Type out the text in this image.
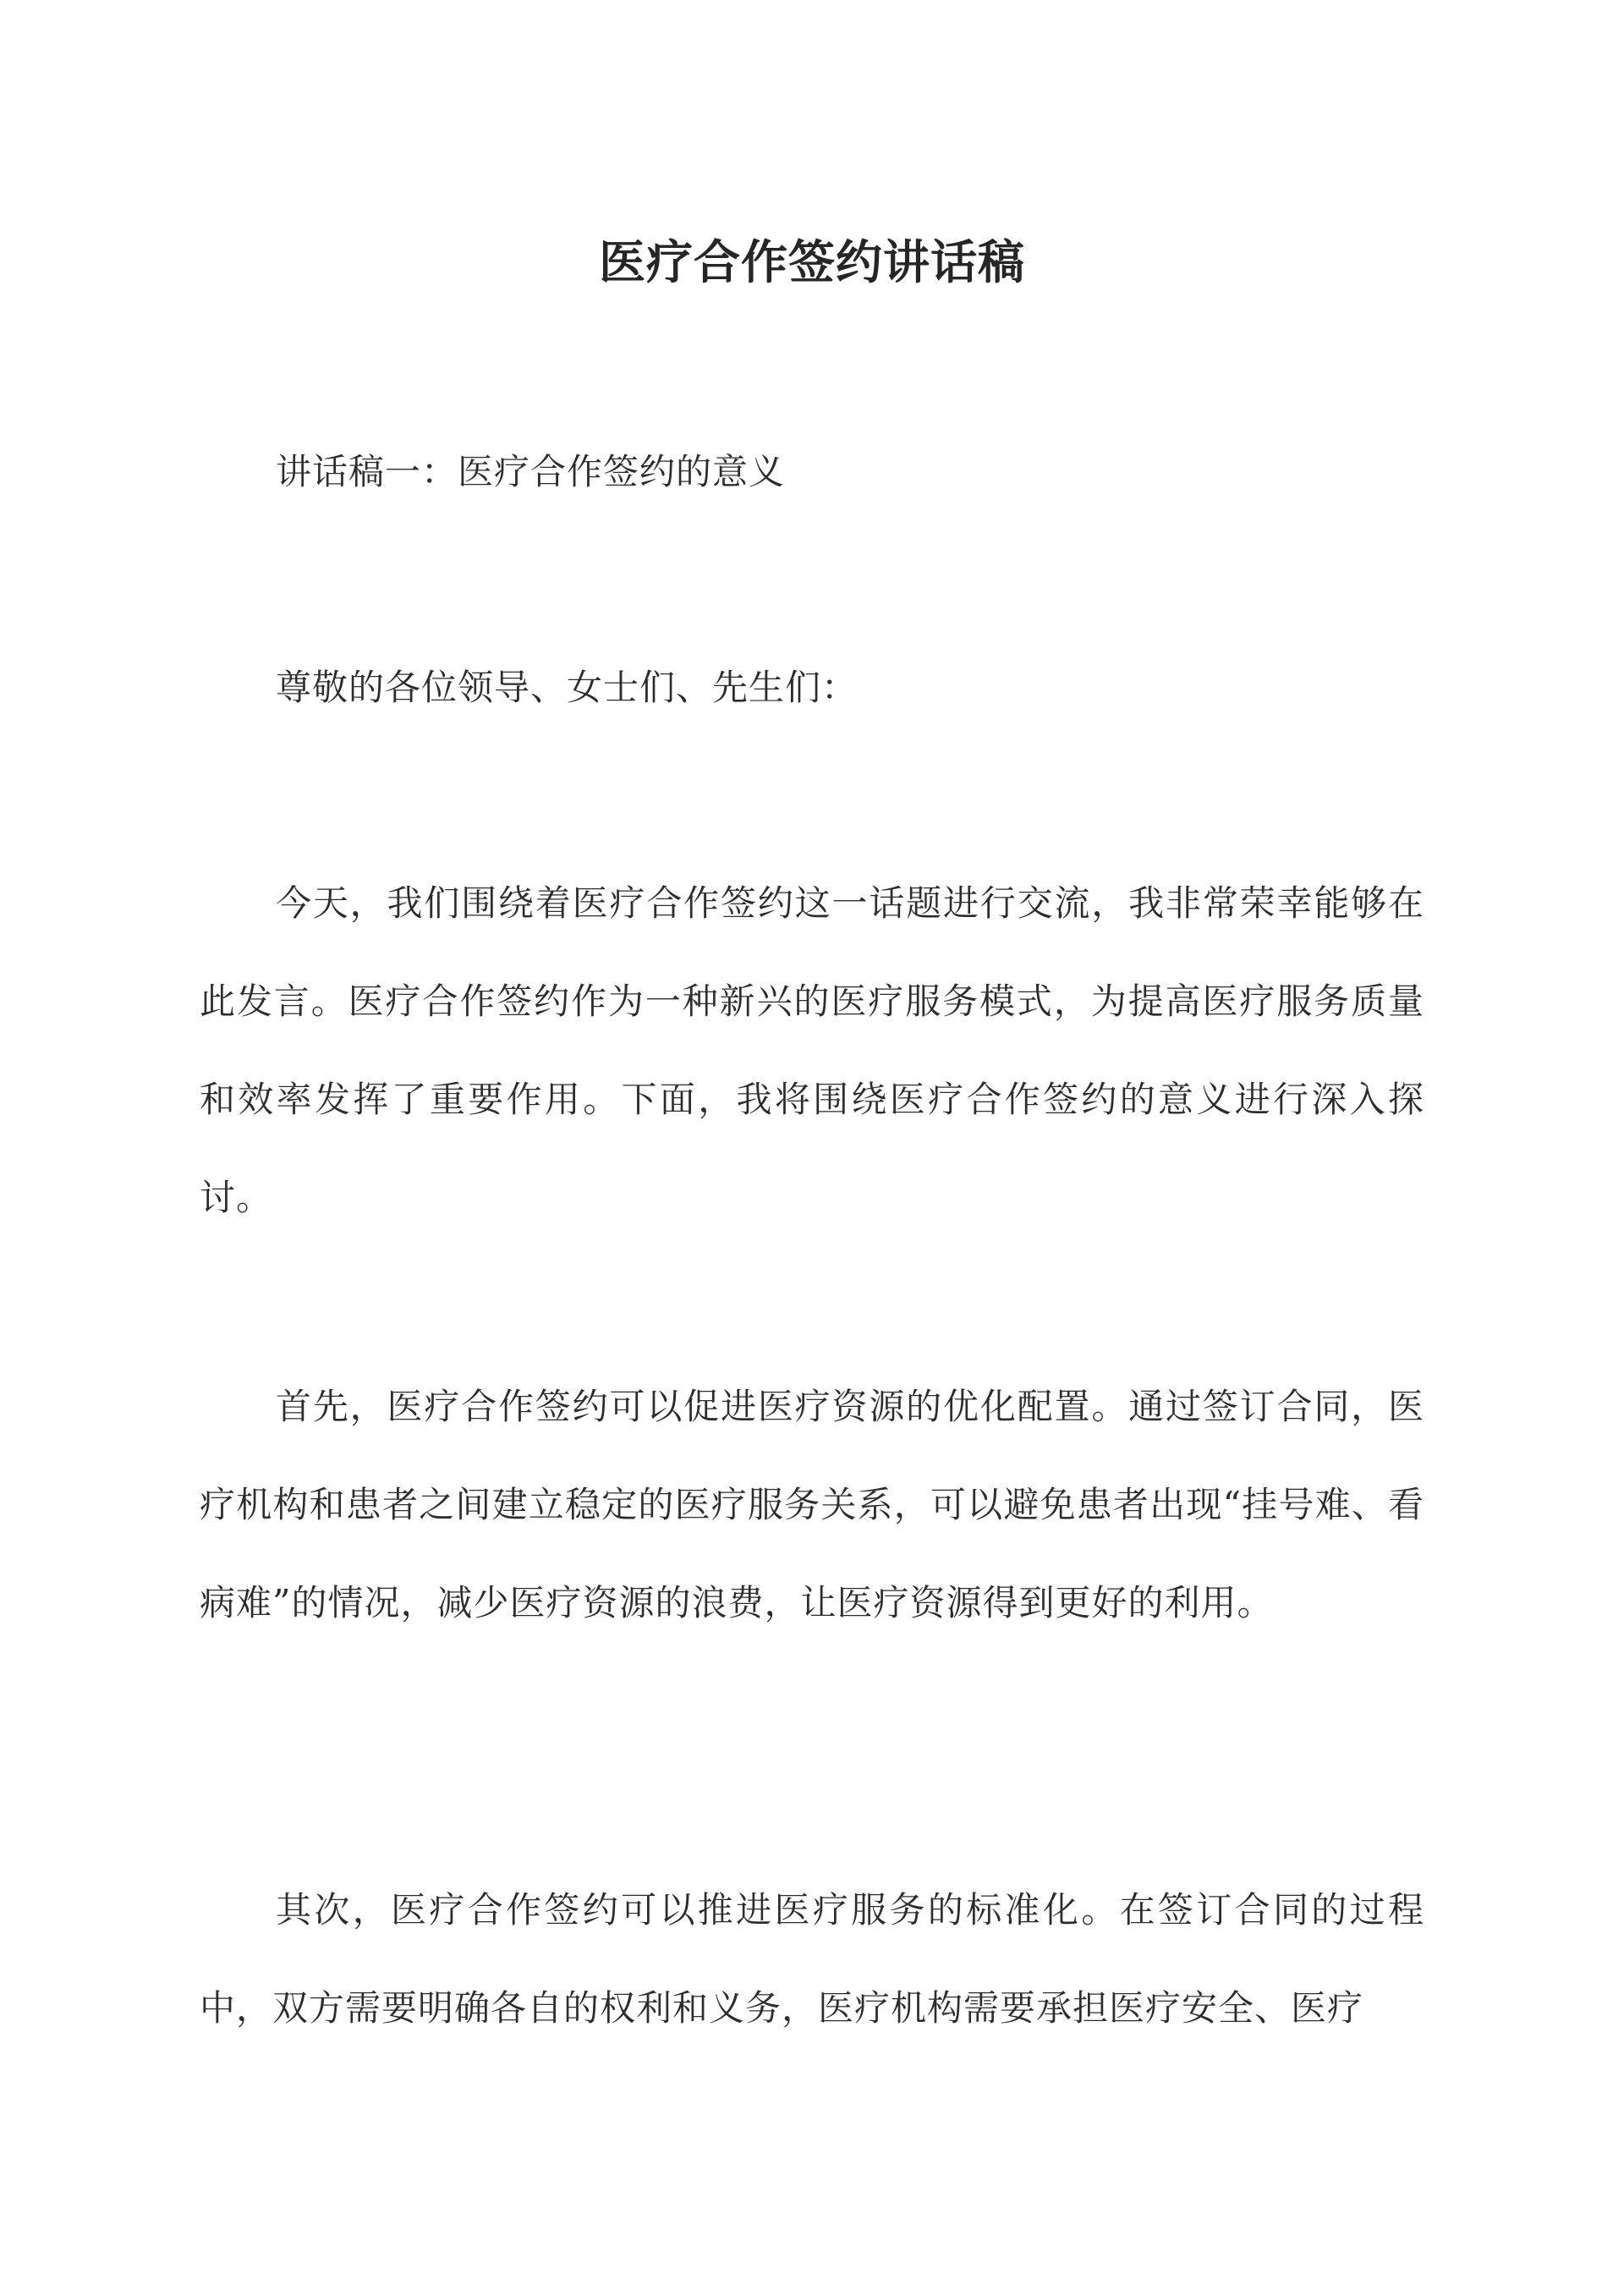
医疗合作签约讲话稿

讲话稿一：医疗合作签约的意义

尊敬的各位领导、女士们、先生们：

今天，我们围绕着医疗合作签约这一话题进行交流，我非常荣幸能够在此发言。医疗合作签约作为一种新兴的医疗服务模式，为提高医疗服务质量和效率发挥了重要作用。下面，我将围绕医疗合作签约的意义进行深入探讨。

首先，医疗合作签约可以促进医疗资源的优化配置。通过签订合同，医疗机构和患者之间建立稳定的医疗服务关系，可以避免患者出现“挂号难、看病难”的情况，减少医疗资源的浪费，让医疗资源得到更好的利用。

其次，医疗合作签约可以推进医疗服务的标准化。在签订合同的过程中，双方需要明确各自的权利和义务，医疗机构需要承担医疗安全、医疗
